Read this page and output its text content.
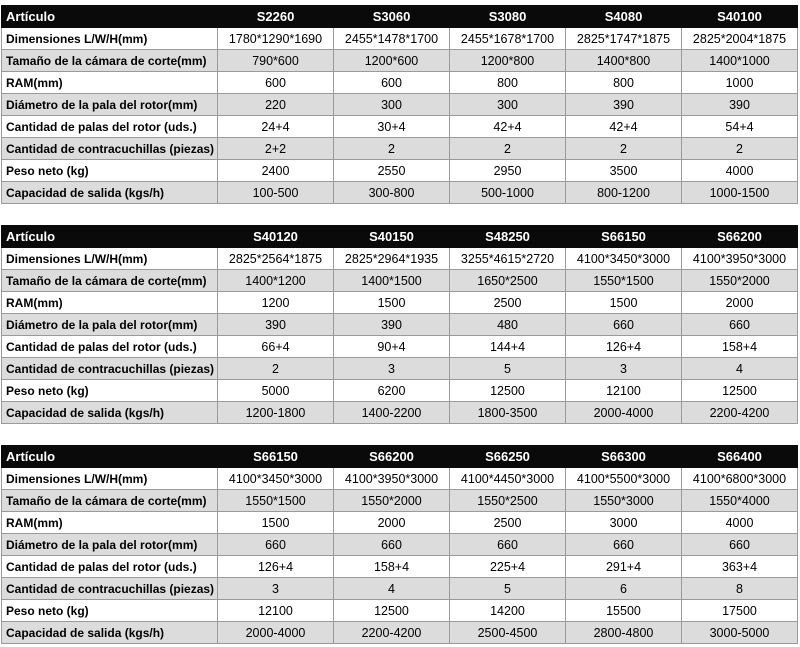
Artículo	S2260	S3060	S3080	S4080	S40100
Dimensiones L/W/H(mm)	1780*1290*1690	2455*1478*1700	2455*1678*1700	2825*1747*1875	2825*2004*1875
Tamaño de la cámara de corte(mm)	790*600	1200*600	1200*800	1400*800	1400*1000
RAM(mm)	600	600	800	800	1000
Diámetro de la pala del rotor(mm)	220	300	300	390	390
Cantidad de palas del rotor (uds.)	24+4	30+4	42+4	42+4	54+4
Cantidad de contracuchillas (piezas)	2+2	2	2	2	2
Peso neto (kg)	2400	2550	2950	3500	4000
Capacidad de salida (kgs/h)	100-500	300-800	500-1000	800-1200	1000-1500
Artículo	S40120	S40150	S48250	S66150	S66200
Dimensiones L/W/H(mm)	2825*2564*1875	2825*2964*1935	3255*4615*2720	4100*3450*3000	4100*3950*3000
Tamaño de la cámara de corte(mm)	1400*1200	1400*1500	1650*2500	1550*1500	1550*2000
RAM(mm)	1200	1500	2500	1500	2000
Diámetro de la pala del rotor(mm)	390	390	480	660	660
Cantidad de palas del rotor (uds.)	66+4	90+4	144+4	126+4	158+4
Cantidad de contracuchillas (piezas)	2	3	5	3	4
Peso neto (kg)	5000	6200	12500	12100	12500
Capacidad de salida (kgs/h)	1200-1800	1400-2200	1800-3500	2000-4000	2200-4200
Artículo	S66150	S66200	S66250	S66300	S66400
Dimensiones L/W/H(mm)	4100*3450*3000	4100*3950*3000	4100*4450*3000	4100*5500*3000	4100*6800*3000
Tamaño de la cámara de corte(mm)	1550*1500	1550*2000	1550*2500	1550*3000	1550*4000
RAM(mm)	1500	2000	2500	3000	4000
Diámetro de la pala del rotor(mm)	660	660	660	660	660
Cantidad de palas del rotor (uds.)	126+4	158+4	225+4	291+4	363+4
Cantidad de contracuchillas (piezas)	3	4	5	6	8
Peso neto (kg)	12100	12500	14200	15500	17500
Capacidad de salida (kgs/h)	2000-4000	2200-4200	2500-4500	2800-4800	3000-5000
